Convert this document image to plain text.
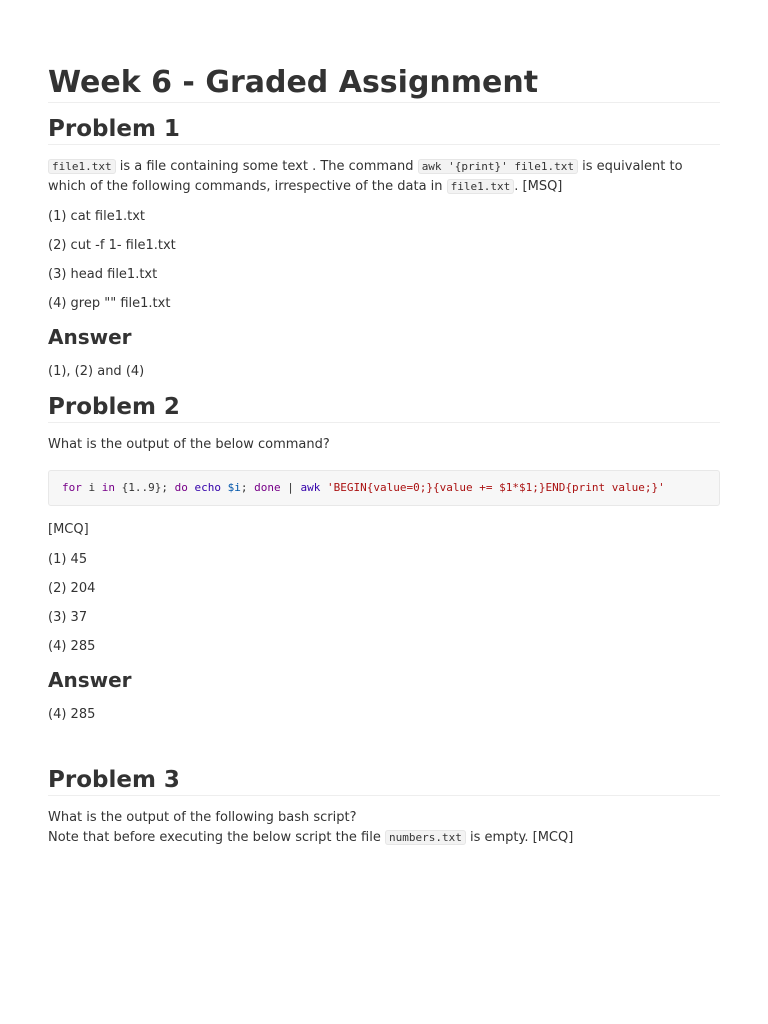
Week 6 - Graded Assignment
Problem 1

file1.txt is a file containing some text . The command awk '{print}' file1.txt is equivalent to which of the following commands, irrespective of the data in file1.txt . [MSQ]

(1) cat file1.txt

(2) cut -f 1- file1.txt

(3) head file1.txt

(4) grep "" file1.txt

Answer

(1), (2) and (4)

Problem 2

What is the output of the below command?

for i in {1..9}; do echo $i; done | awk 'BEGIN{value=0;}{value += $1*$1;}END{print value;}'

[MCQ]

(1) 45

(2) 204

(3) 37

(4) 285

Answer

(4) 285

Problem 3

What is the output of the following bash script?

Note that before executing the below script the file numbers.txt is empty. [MCQ]
